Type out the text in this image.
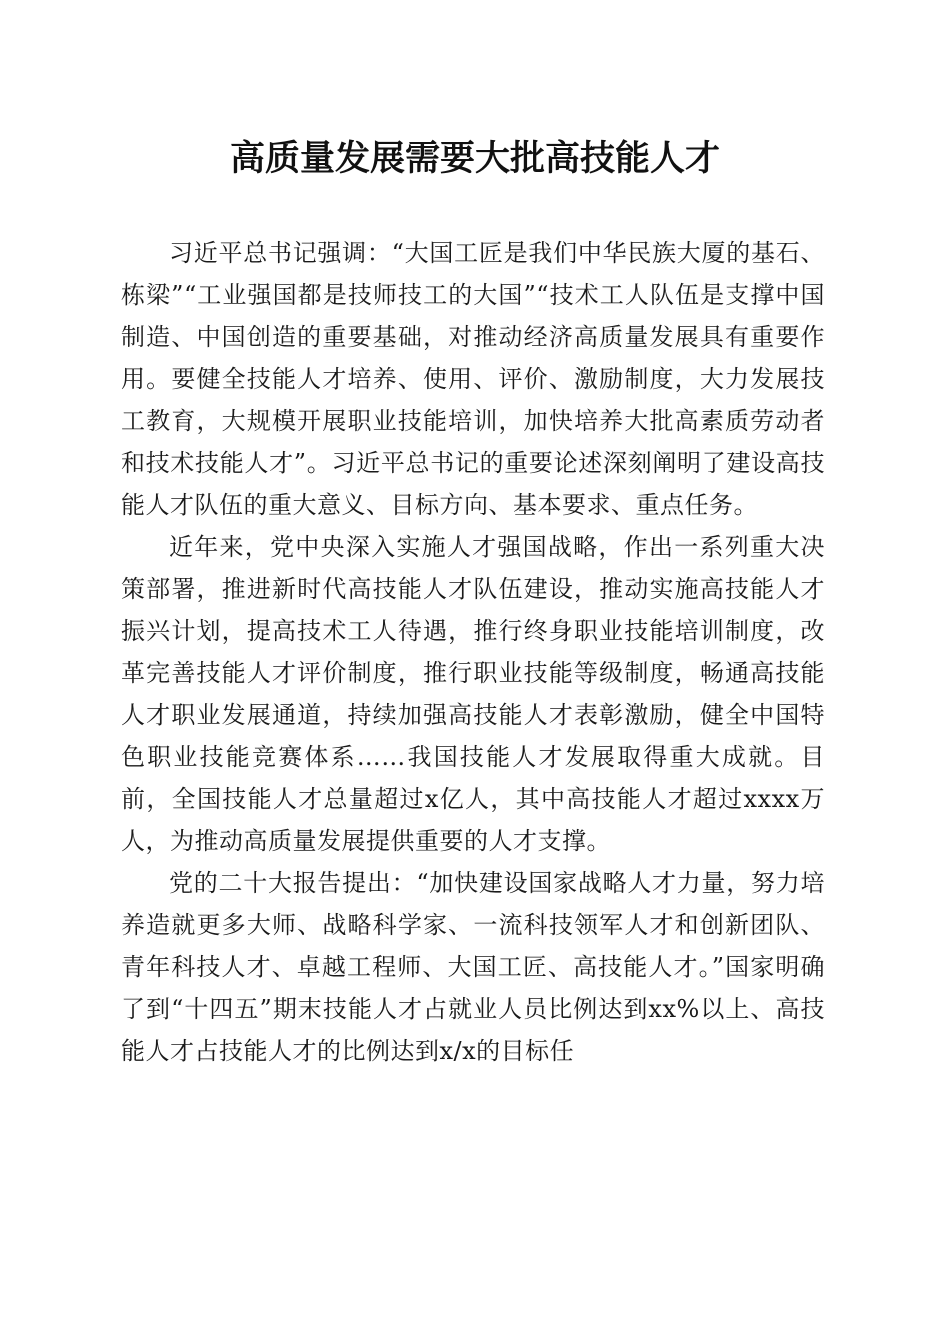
高质量发展需要大批高技能人才

习近平总书记强调：“大国工匠是我们中华民族大厦的基石、栋梁”“工业强国都是技师技工的大国”“技术工人队伍是支撑中国制造、中国创造的重要基础，对推动经济高质量发展具有重要作用。要健全技能人才培养、使用、评价、激励制度，大力发展技工教育，大规模开展职业技能培训，加快培养大批高素质劳动者和技术技能人才”。习近平总书记的重要论述深刻阐明了建设高技能人才队伍的重大意义、目标方向、基本要求、重点任务。

近年来，党中央深入实施人才强国战略，作出一系列重大决策部署，推进新时代高技能人才队伍建设，推动实施高技能人才振兴计划，提高技术工人待遇，推行终身职业技能培训制度，改革完善技能人才评价制度，推行职业技能等级制度，畅通高技能人才职业发展通道，持续加强高技能人才表彰激励，健全中国特色职业技能竞赛体系……我国技能人才发展取得重大成就。目前，全国技能人才总量超过x亿人，其中高技能人才超过xxxx万人，为推动高质量发展提供重要的人才支撑。

党的二十大报告提出：“加快建设国家战略人才力量，努力培养造就更多大师、战略科学家、一流科技领军人才和创新团队、青年科技人才、卓越工程师、大国工匠、高技能人才。”国家明确了到“十四五”期末技能人才占就业人员比例达到xx%以上、高技能人才占技能人才的比例达到x/x的目标任
